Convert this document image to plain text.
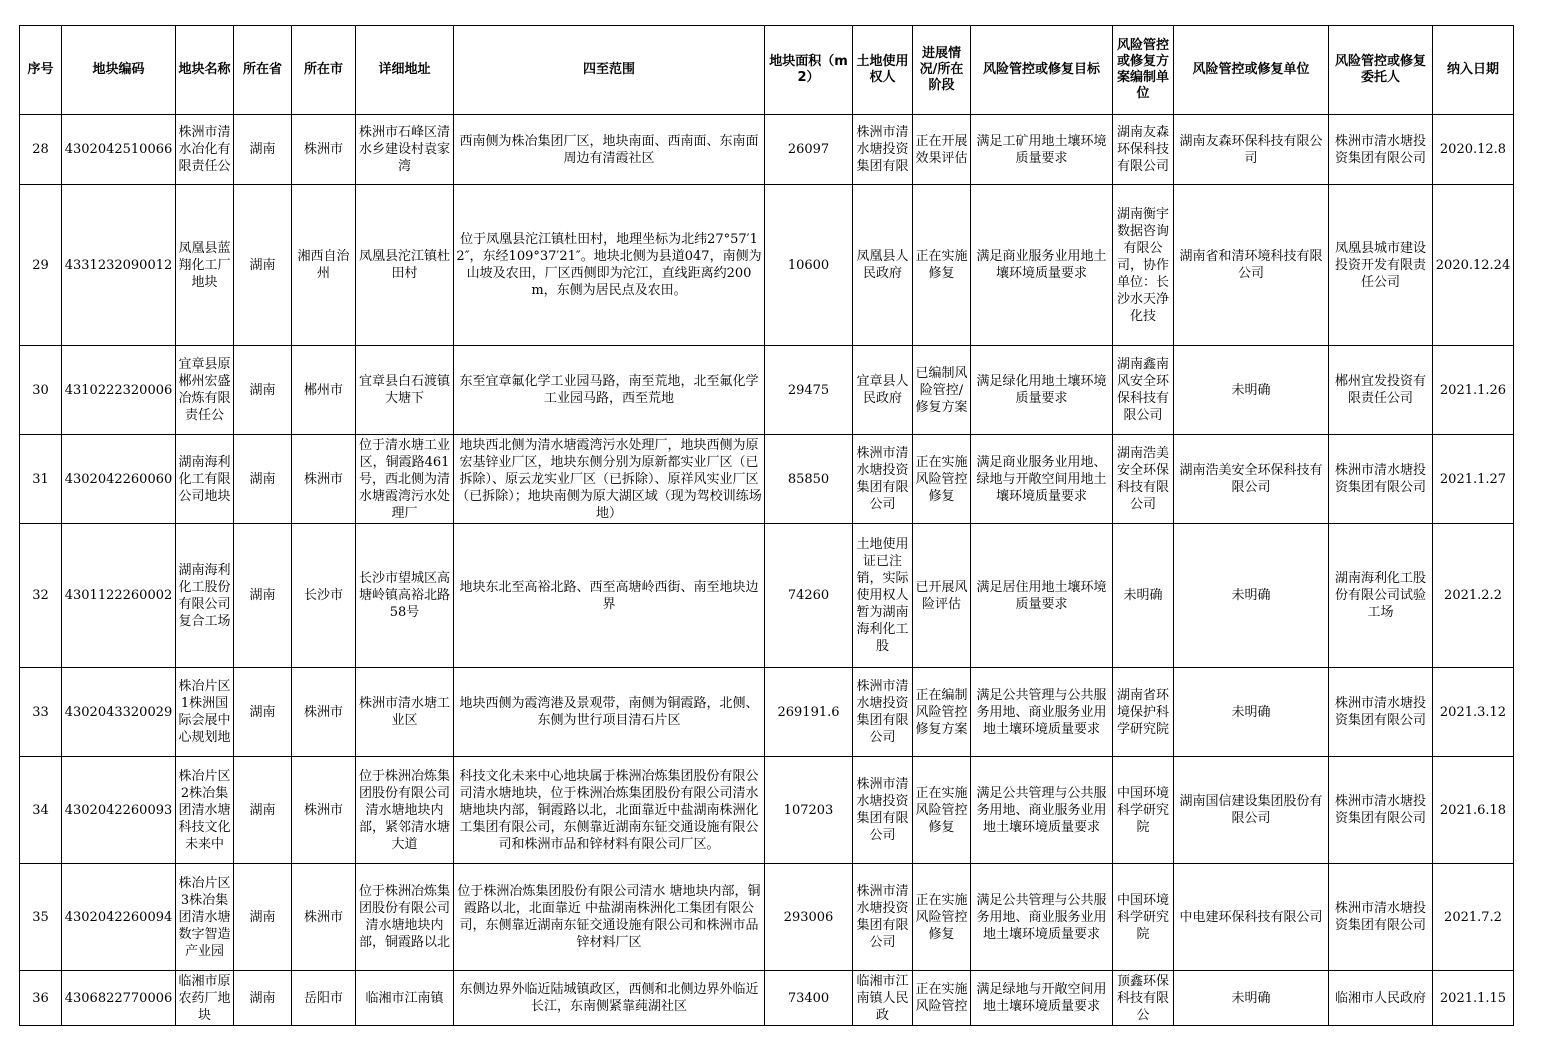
序号	地块编码	地块名称	所在省	所在市	详细地址	四至范围	地块面积（m2）	土地使用权人	进展情况/所在阶段	风险管控或修复目标	风险管控或修复方案编制单位	风险管控或修复单位	风险管控或修复委托人	纳入日期

28	4302042510066	株洲市清水冶化有限责任公	湖南	株洲市	株洲市石峰区清水乡建设村袁家湾	西南侧为株冶集团厂区，地块南面、西南面、东南面周边有清霞社区	26097	株洲市清水塘投资集团有限	正在开展效果评估	满足工矿用地土壤环境质量要求	湖南友森环保科技有限公司	湖南友森环保科技有限公司	株洲市清水塘投资集团有限公司	2020.12.8

29	4331232090012	凤凰县蓝翔化工厂地块	湖南	湘西自治州	凤凰县沱江镇杜田村	位于凤凰县沱江镇杜田村，地理坐标为北纬27°57′12″，东经109°37′21″。地块北侧为县道047，南侧为山坡及农田，厂区西侧即为沱江，直线距离约200m，东侧为居民点及农田。	10600	凤凰县人民政府	正在实施修复	满足商业服务业用地土壤环境质量要求	湖南衡宇数据咨询有限公司，协作单位：长沙水天净化技	湖南省和清环境科技有限公司	凤凰县城市建设投资开发有限责任公司	2020.12.24

30	4310222320006	宜章县原郴州宏盛冶炼有限责任公	湖南	郴州市	宜章县白石渡镇大塘下	东至宜章氟化学工业园马路，南至荒地，北至氟化学工业园马路，西至荒地	29475	宜章县人民政府	已编制风险管控/修复方案	满足绿化用地土壤环境质量要求	湖南鑫南风安全环保科技有限公司	未明确	郴州宜发投资有限责任公司	2021.1.26

31	4302042260060	湖南海利化工有限公司地块	湖南	株洲市	位于清水塘工业区，铜霞路461号，西北侧为清水塘霞湾污水处理厂	地块西北侧为清水塘霞湾污水处理厂，地块西侧为原宏基锌业厂区，地块东侧分别为原新都实业厂区（已拆除）、原云龙实业厂区（已拆除）、原祥风实业厂区（已拆除）；地块南侧为原大湖区域（现为驾校训练场地）	85850	株洲市清水塘投资集团有限公司	正在实施风险管控修复	满足商业服务业用地、绿地与开敞空间用地土壤环境质量要求	湖南浩美安全环保科技有限公司	湖南浩美安全环保科技有限公司	株洲市清水塘投资集团有限公司	2021.1.27

32	4301122260002	湖南海利化工股份有限公司复合工场	湖南	长沙市	长沙市望城区高塘岭镇高裕北路58号	地块东北至高裕北路、西至高塘岭西街、南至地块边界	74260	土地使用证已注销，实际使用权人暂为湖南海利化工股	已开展风险评估	满足居住用地土壤环境质量要求	未明确	未明确	湖南海利化工股份有限公司试验工场	2021.2.2

33	4302043320029	株冶片区1株洲国际会展中心规划地	湖南	株洲市	株洲市清水塘工业区	地块西侧为霞湾港及景观带，南侧为铜霞路，北侧、东侧为世行项目清石片区	269191.6	株洲市清水塘投资集团有限公司	正在编制风险管控修复方案	满足公共管理与公共服务用地、商业服务业用地土壤环境质量要求	湖南省环境保护科学研究院	未明确	株洲市清水塘投资集团有限公司	2021.3.12

34	4302042260093	株冶片区2株冶集团清水塘科技文化未来中	湖南	株洲市	位于株洲冶炼集团股份有限公司清水塘地块内部，紧邻清水塘大道	科技文化未来中心地块属于株洲冶炼集团股份有限公司清水塘地块，位于株洲冶炼集团股份有限公司清水塘地块内部，铜霞路以北，北面靠近中盐湖南株洲化工集团有限公司，东侧靠近湖南东钲交通设施有限公司和株洲市品和锌材料有限公司厂区。	107203	株洲市清水塘投资集团有限公司	正在实施风险管控修复	满足公共管理与公共服务用地、商业服务业用地土壤环境质量要求	中国环境科学研究院	湖南国信建设集团股份有限公司	株洲市清水塘投资集团有限公司	2021.6.18

35	4302042260094	株冶片区3株冶集团清水塘数字智造产业园	湖南	株洲市	位于株洲冶炼集团股份有限公司清水塘地块内部，铜霞路以北	位于株洲冶炼集团股份有限公司清水 塘地块内部，铜霞路以北，北面靠近 中盐湖南株洲化工集团有限公司，东侧靠近湖南东钲交通设施有限公司和株洲市品锌材料厂区	293006	株洲市清水塘投资集团有限公司	正在实施风险管控修复	满足公共管理与公共服务用地、商业服务业用地土壤环境质量要求	中国环境科学研究院	中电建环保科技有限公司	株洲市清水塘投资集团有限公司	2021.7.2

36	4306822770006	临湘市原农药厂地块	湖南	岳阳市	临湘市江南镇	东侧边界外临近陆城镇政区，西侧和北侧边界外临近长江，东南侧紧靠莼湖社区	73400	临湘市江南镇人民政	正在实施风险管控	满足绿地与开敞空间用地土壤环境质量要求	顶鑫环保科技有限公	未明确	临湘市人民政府	2021.1.15
